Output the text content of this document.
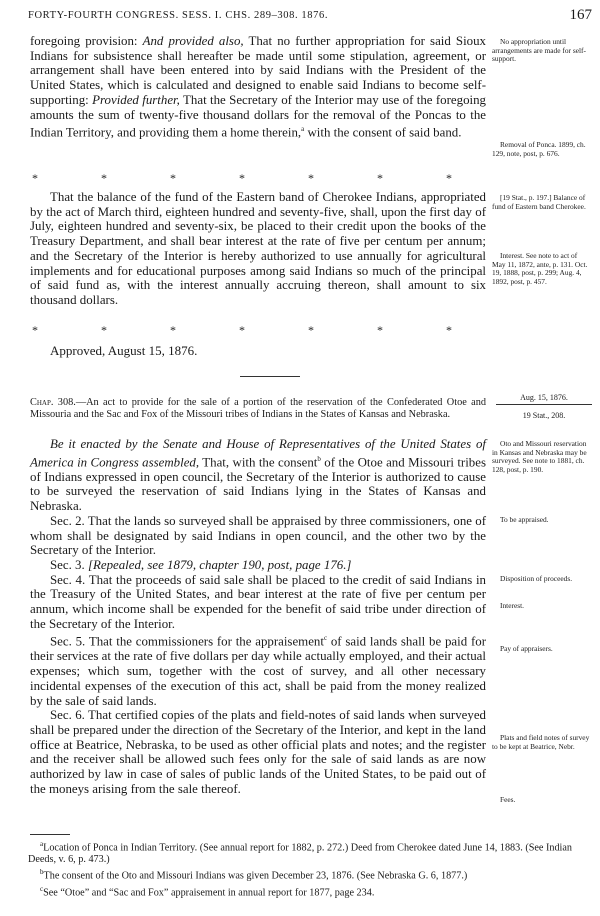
FORTY-FOURTH CONGRESS. SESS. I. CHS. 289–308. 1876.	167

foregoing provision: And provided also, That no further appropriation for said Sioux Indians for subsistence shall hereafter be made until some stipulation, agreement, or arrangement shall have been entered into by said Indians with the President of the United States, which is calculated and designed to enable said Indians to become self-supporting: Provided further, That the Secretary of the Interior may use of the foregoing amounts the sum of twenty-five thousand dollars for the removal of the Poncas to the Indian Territory, and providing them a home therein,$^a$ with the consent of said band.

*	*	*	*	*	*	*

That the balance of the fund of the Eastern band of Cherokee Indians, appropriated by the act of March third, eighteen hundred and seventy-five, shall, upon the first day of July, eighteen hundred and seventy-six, be placed to their credit upon the books of the Treasury Department, and shall bear interest at the rate of five per centum per annum; and the Secretary of the Interior is hereby authorized to use annually for agricultural implements and for educational purposes among said Indians so much of the principal of said fund as, with the interest annually accruing thereon, shall amount to six thousand dollars.

*	*	*	*	*	*	*
Approved, August 15, 1876.

No appropriation until arrangements are made for self-support.

Removal of Ponca. 1899, ch. 129, note, post, p. 676.

[19 Stat., p. 197.] Balance of fund of Eastern band Cherokee.

Interest. See note to act of May 11, 1872, ante, p. 131. Oct. 19, 1888, post, p. 299; Aug. 4, 1892, post, p. 457.

Chap. 308.—An act to provide for the sale of a portion of the reservation of the Confederated Otoe and Missouria and the Sac and Fox of the Missouri tribes of Indians in the States of Kansas and Nebraska.
Aug. 15, 1876.
19 Stat., 208.

Be it enacted by the Senate and House of Representatives of the United States of America in Congress assembled, That, with the consent$^b$ of the Otoe and Missouri tribes of Indians expressed in open council, the Secretary of the Interior is authorized to cause to be surveyed the reservation of said Indians lying in the States of Kansas and Nebraska.

Sec. 2. That the lands so surveyed shall be appraised by three commissioners, one of whom shall be designated by said Indians in open council, and the other two by the Secretary of the Interior.

Sec. 3. [Repealed, see 1879, chapter 190, post, page 176.]

Sec. 4. That the proceeds of said sale shall be placed to the credit of said Indians in the Treasury of the United States, and bear interest at the rate of five per centum per annum, which income shall be expended for the benefit of said tribe under direction of the Secretary of the Interior.

Sec. 5. That the commissioners for the appraisement$^c$ of said lands shall be paid for their services at the rate of five dollars per day while actually employed, and their actual expenses; which sum, together with the cost of survey, and all other necessary incidental expenses of the execution of this act, shall be paid from the money realized by the sale of said lands.

Sec. 6. That certified copies of the plats and field-notes of said lands when surveyed shall be prepared under the direction of the Secretary of the Interior, and kept in the land office at Beatrice, Nebraska, to be used as other official plats and notes; and the register and the receiver shall be allowed such fees only for the sale of said lands as are now authorized by law in case of sales of public lands of the United States, to be paid out of the moneys arising from the sale thereof.

Oto and Missouri reservation in Kansas and Nebraska may be surveyed. See note to 1881, ch. 128, post, p. 190.

To be appraised.

Disposition of proceeds.

Interest.

Pay of appraisers.

Plats and field notes of survey to be kept at Beatrice, Nebr.

Fees.

$^a$Location of Ponca in Indian Territory. (See annual report for 1882, p. 272.) Deed from Cherokee dated June 14, 1883. (See Indian Deeds, v. 6, p. 473.)

$^b$The consent of the Oto and Missouri Indians was given December 23, 1876. (See Nebraska G. 6, 1877.)

$^c$See “Otoe” and “Sac and Fox” appraisement in annual report for 1877, page 234.
